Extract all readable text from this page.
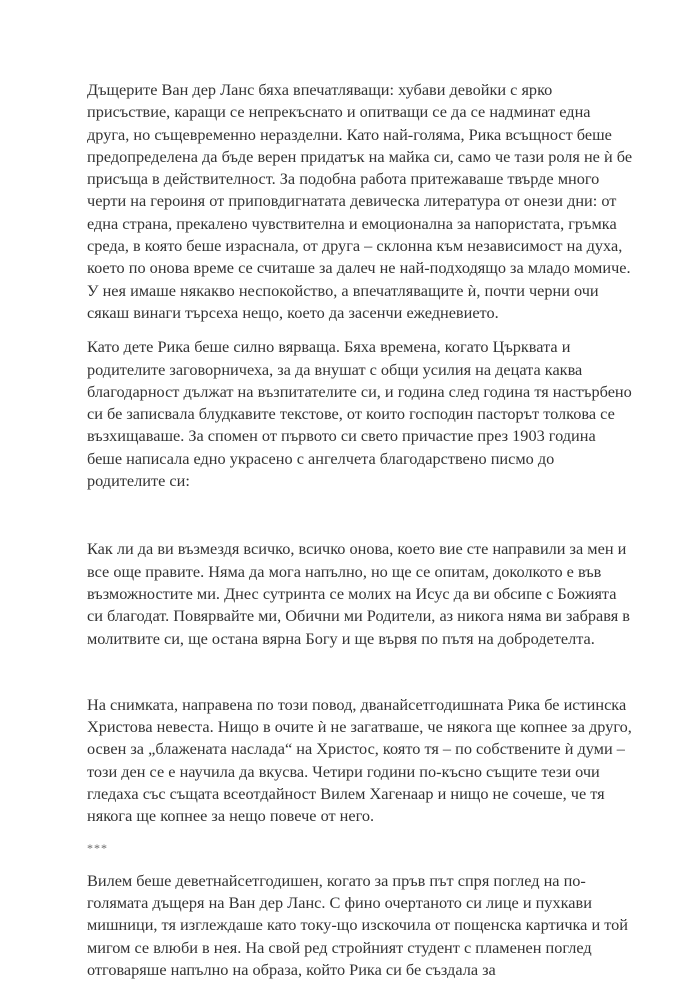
Дъщерите Ван дер Ланс бяха впечатляващи: хубави девойки с ярко присъствие, каращи се непрекъснато и опитващи се да се надминат една друга, но същевременно неразделни. Като най-голяма, Рика всъщност беше предопределена да бъде верен придатък на майка си, само че тази роля не ѝ бе присъща в действителност. За подобна работа притежаваше твърде много черти на героиня от приповдигнатата девическа литература от онези дни: от една страна, прекалено чувствителна и емоционална за напористата, гръмка среда, в която беше израснала, от друга – склонна към независимост на духа, което по онова време се считаше за далеч не най-подходящо за младо момиче. У нея имаше някакво неспокойство, а впечатляващите ѝ, почти черни очи сякаш винаги търсеха нещо, което да засенчи ежедневието.

Като дете Рика беше силно вярваща. Бяха времена, когато Църквата и родителите заговорничеха, за да внушат с общи усилия на децата каква благодарност дължат на възпитателите си, и година след година тя настърбено си бе записвала блудкавите текстове, от които господин пасторът толкова се възхищаваше. За спомен от първото си свето причастие през 1903 година беше написала едно украсено с ангелчета благодарствено писмо до родителите си:

Как ли да ви възмездя всичко, всичко онова, което вие сте направили за мен и все още правите. Няма да мога напълно, но ще се опитам, доколкото е във възможностите ми. Днес сутринта се молих на Исус да ви обсипе с Божията си благодат. Повярвайте ми, Обични ми Родители, аз никога няма ви забравя в молитвите си, ще остана вярна Богу и ще вървя по пътя на добродетелта.

На снимката, направена по този повод, дванайсетгодишната Рика бе истинска Христова невеста. Нищо в очите ѝ не загатваше, че някога ще копнее за друго, освен за „блажената наслада“ на Христос, която тя – по собствените ѝ думи – този ден се е научила да вкусва. Четири години по-късно същите тези очи гледаха със същата всеотдайност Вилем Хагенаар и нищо не сочеше, че тя някога ще копнее за нещо повече от него.

***

Вилем беше деветнайсетгодишен, когато за пръв път спря поглед на по-голямата дъщеря на Ван дер Ланс. С фино очертаното си лице и пухкави мишници, тя изглеждаше като току-що изскочила от пощенска картичка и той мигом се влюби в нея. На свой ред стройният студент с пламенен поглед отговаряше напълно на образа, който Рика си бе създала за
